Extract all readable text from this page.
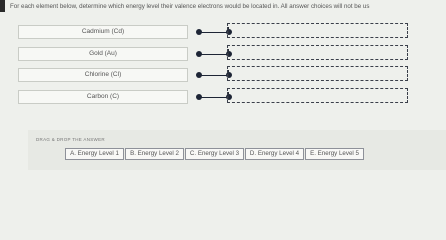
For each element below, determine which energy level their valence electrons would be located in. All answer choices will not be us
Cadmium (Cd)
Gold (Au)
Chlorine (Cl)
Carbon (C)
DRAG & DROP THE ANSWER
A. Energy Level 1	B. Energy Level 2	C. Energy Level 3	D. Energy Level 4	E. Energy Level 5
